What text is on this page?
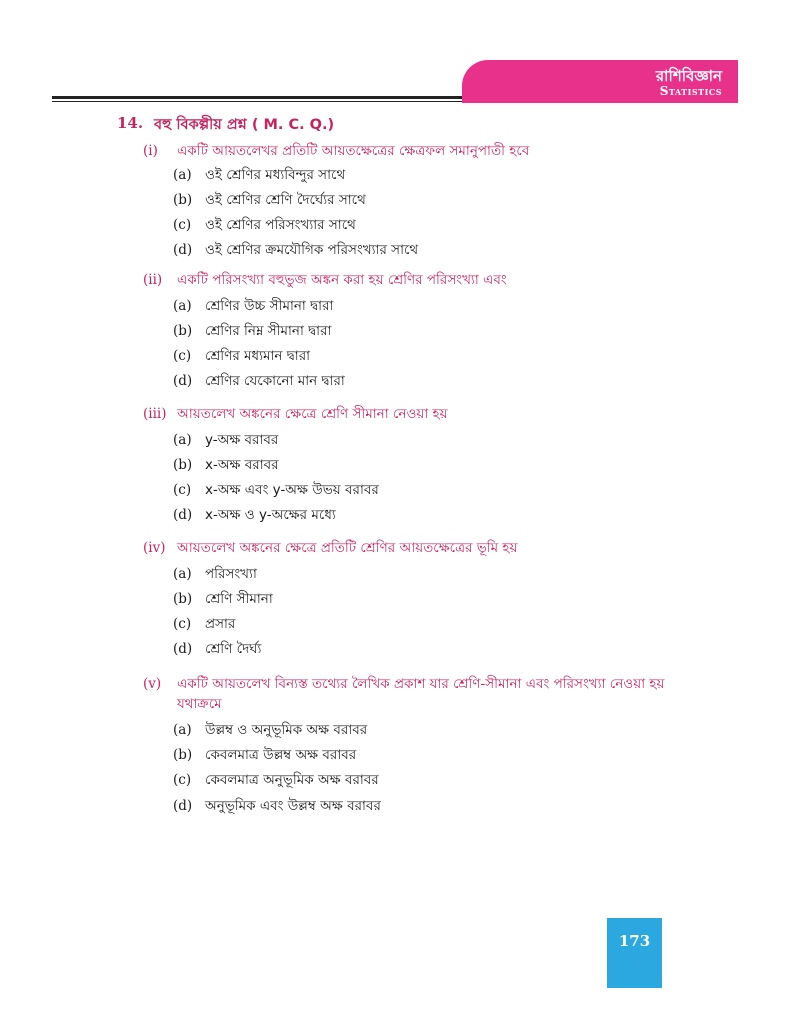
রাশিবিজ্ঞান
Statistics
14. বহু বিকল্পীয় প্রশ্ন ( M. C. Q.)
(i) একটি আয়তলেখর প্রতিটি আয়তক্ষেত্রের ক্ষেত্রফল সমানুপাতী হবে
(a) ওই শ্রেণির মধ্যবিন্দুর সাথে
(b) ওই শ্রেণির শ্রেণি দৈর্ঘ্যের সাথে
(c) ওই শ্রেণির পরিসংখ্যার সাথে
(d) ওই শ্রেণির ক্রমযৌগিক পরিসংখ্যার সাথে
(ii) একটি পরিসংখ্যা বহুভুজ অঙ্কন করা হয় শ্রেণির পরিসংখ্যা এবং
(a) শ্রেণির উচ্চ সীমানা দ্বারা
(b) শ্রেণির নিম্ন সীমানা দ্বারা
(c) শ্রেণির মধ্যমান দ্বারা
(d) শ্রেণির যেকোনো মান দ্বারা
(iii) আয়তলেখ অঙ্কনের ক্ষেত্রে শ্রেণি সীমানা নেওয়া হয়
(a) y-অক্ষ বরাবর
(b) x-অক্ষ বরাবর
(c) x-অক্ষ এবং y-অক্ষ উভয় বরাবর
(d) x-অক্ষ ও y-অক্ষের মধ্যে
(iv) আয়তলেখ অঙ্কনের ক্ষেত্রে প্রতিটি শ্রেণির আয়তক্ষেত্রের ভূমি হয়
(a) পরিসংখ্যা
(b) শ্রেণি সীমানা
(c) প্রসার
(d) শ্রেণি দৈর্ঘ্য
(v) একটি আয়তলেখ বিন্যস্ত তথ্যের লৈখিক প্রকাশ যার শ্রেণি-সীমানা এবং পরিসংখ্যা নেওয়া হয় যথাক্রমে
(a) উল্লম্ব ও অনুভূমিক অক্ষ বরাবর
(b) কেবলমাত্র উল্লম্ব অক্ষ বরাবর
(c) কেবলমাত্র অনুভূমিক অক্ষ বরাবর
(d) অনুভূমিক এবং উল্লম্ব অক্ষ বরাবর
173
